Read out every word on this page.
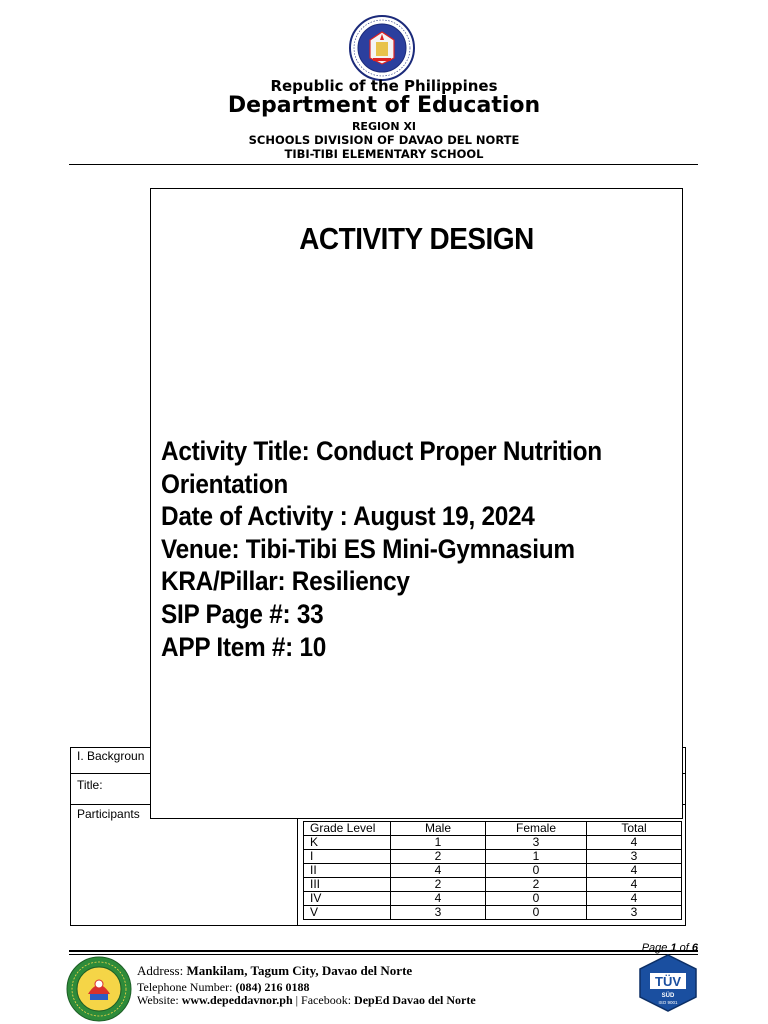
Republic of the Philippines
Department of Education
REGION XI
SCHOOLS DIVISION OF DAVAO DEL NORTE
TIBI-TIBI ELEMENTARY SCHOOL
I. Backgroun
Title:
Participants
Grade Level	Male	Female	Total
K	1	3	4
I	2	1	3
II	4	0	4
III	2	2	4
IV	4	0	4
V	3	0	3
ACTIVITY DESIGN
Activity Title: Conduct Proper Nutrition
Orientation
Date of Activity : August 19, 2024
Venue: Tibi-Tibi ES Mini-Gymnasium
KRA/Pillar: Resiliency
SIP Page #: 33
APP Item #: 10
Page 1 of 6
Address: Mankilam, Tagum City, Davao del Norte
Telephone Number: (084) 216 0188
Website: www.depeddavnor.ph | Facebook: DepEd Davao del Norte
TÜV
SÜD
ISO 9001
